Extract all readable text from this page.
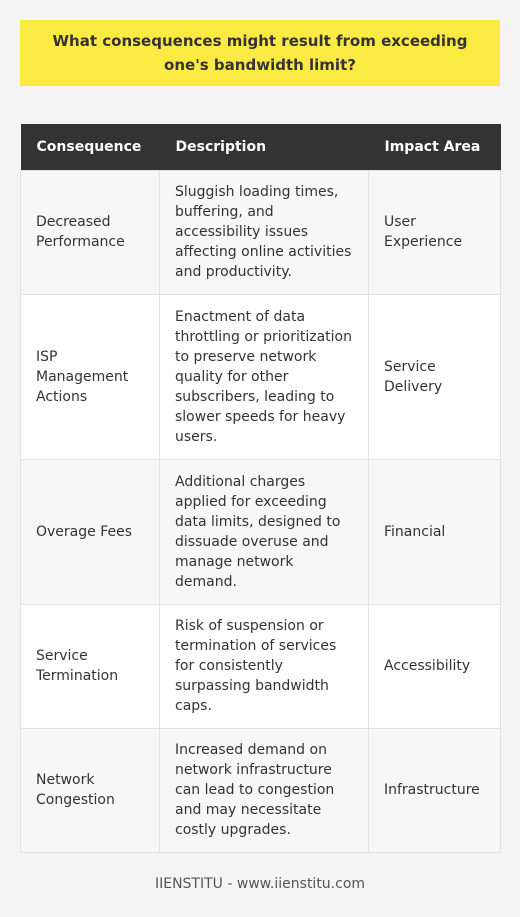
What consequences might result from exceeding one's bandwidth limit?
Consequence	Description	Impact Area
Decreased Performance	Sluggish loading times, buffering, and accessibility issues affecting online activities and productivity.	User Experience
ISP Management Actions	Enactment of data throttling or prioritization to preserve network quality for other subscribers, leading to slower speeds for heavy users.	Service Delivery
Overage Fees	Additional charges applied for exceeding data limits, designed to dissuade overuse and manage network demand.	Financial
Service Termination	Risk of suspension or termination of services for consistently surpassing bandwidth caps.	Accessibility
Network Congestion	Increased demand on network infrastructure can lead to congestion and may necessitate costly upgrades.	Infrastructure
IIENSTITU - www.iienstitu.com
